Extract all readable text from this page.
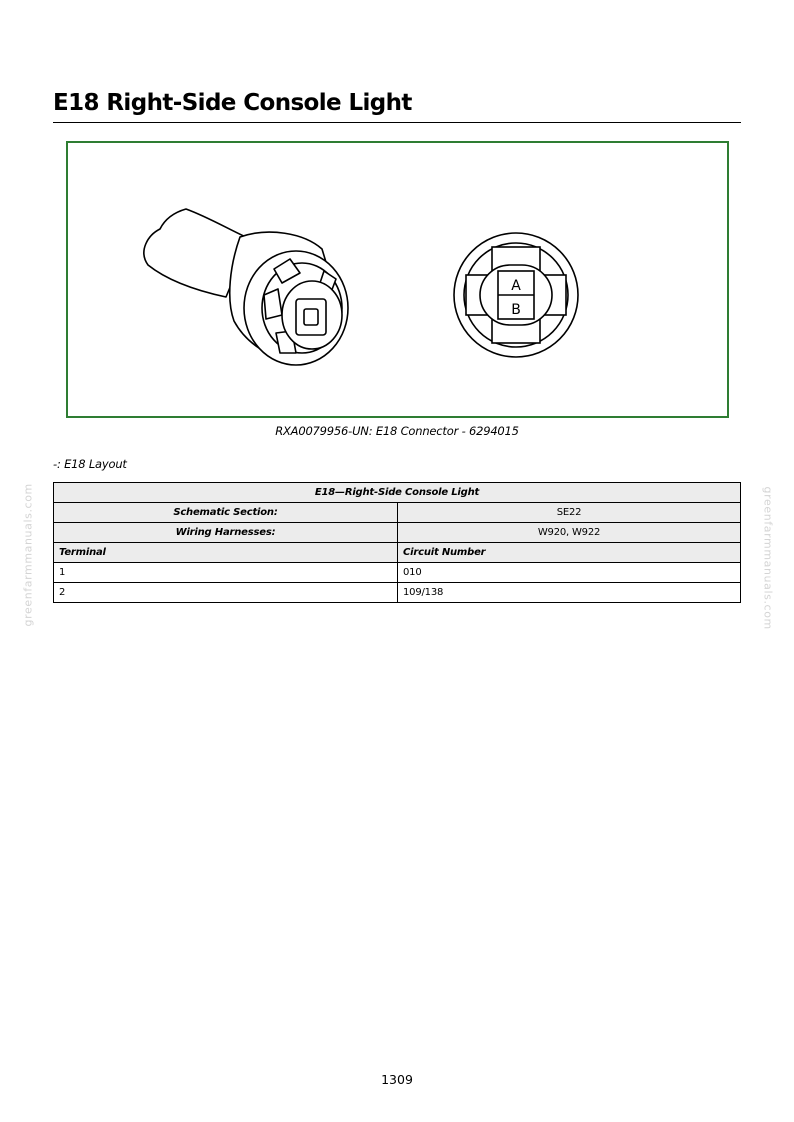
E18 Right-Side Console Light
A
B
RXA0079956-UN: E18 Connector - 6294015
-: E18 Layout
E18—Right-Side Console Light	
Schematic Section:	SE22
Wiring Harnesses:	W920, W922
Terminal	Circuit Number
1	010
2	109/138
greenfarmmanuals.com	greenfarmmanuals.com
1309
